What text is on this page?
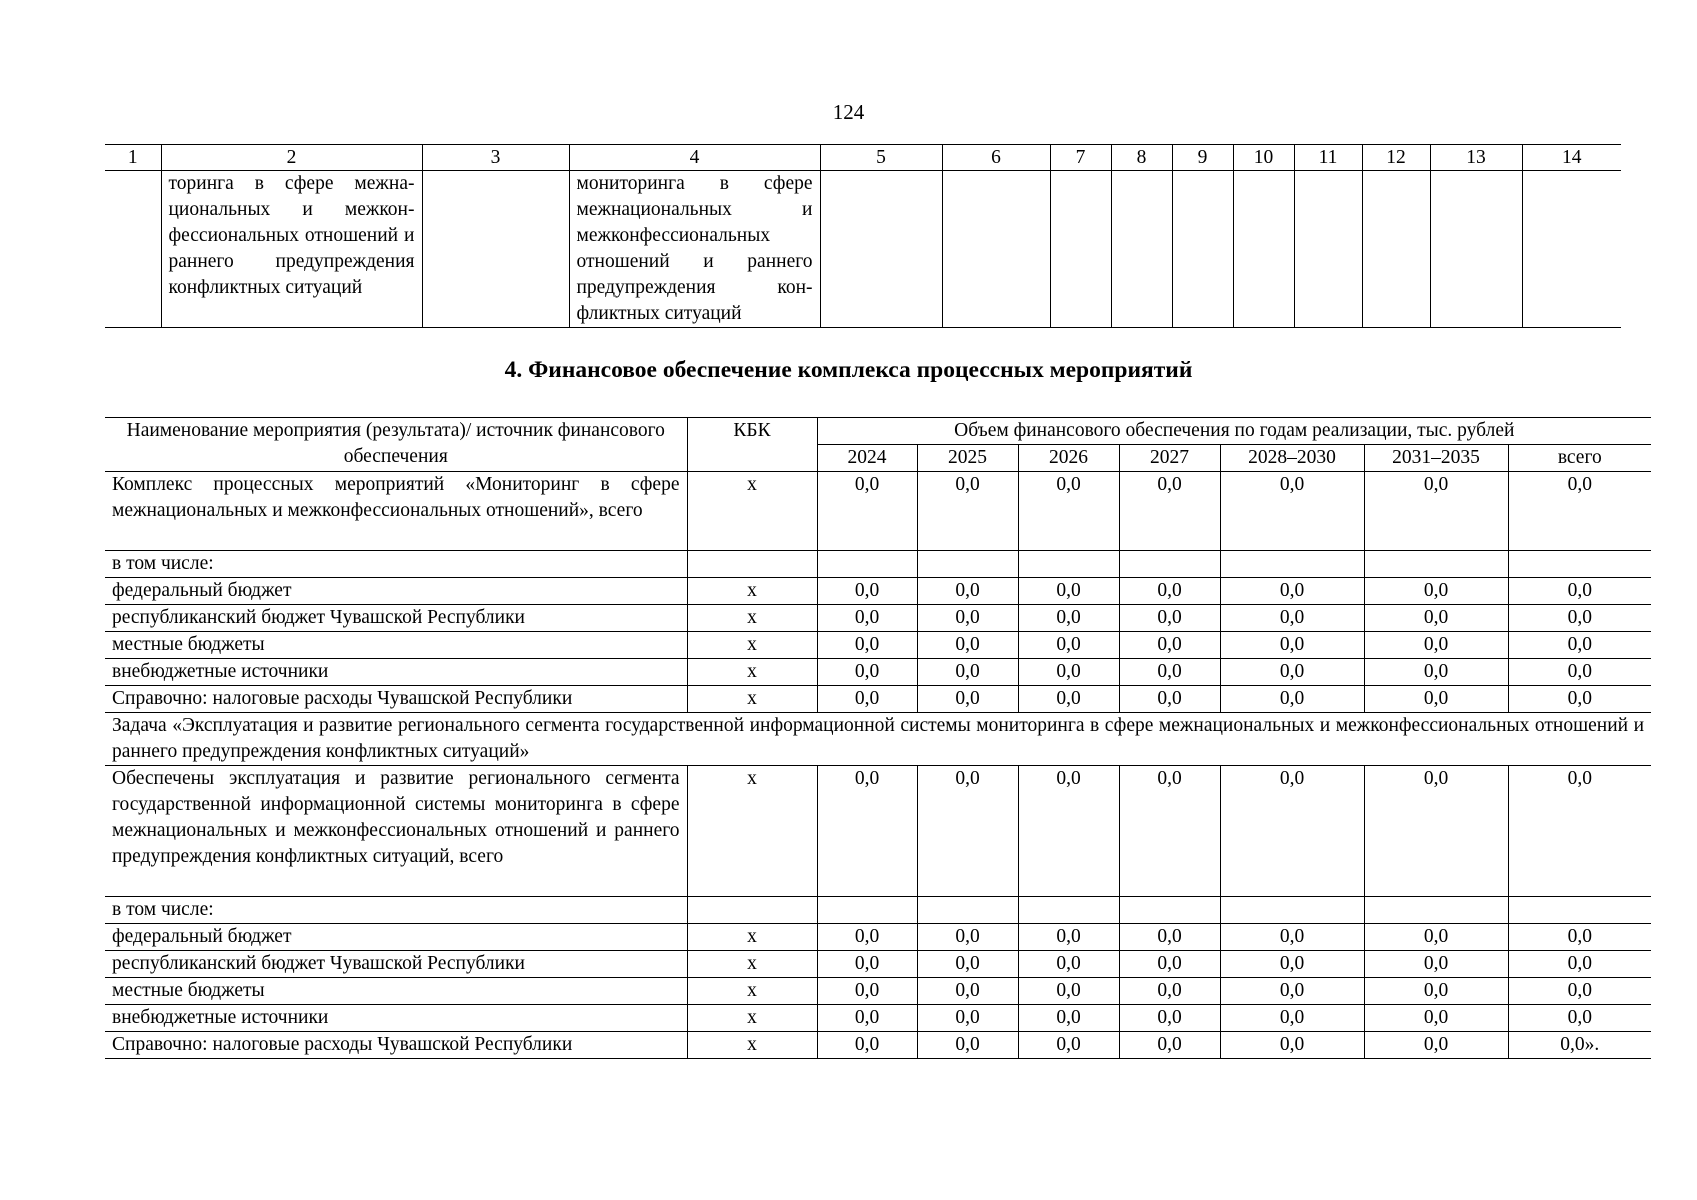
124
1	2	3	4	5	6	7	8	9	10	11	12	13	14
	торинга в сфере межнациональных и межконфессиональных отношений и раннего предупреждения конфликтных ситуаций		мониторинга в сфере межнациональных и межконфессиональных отношений и раннего предупреждения конфликтных ситуаций										
4. Финансовое обеспечение комплекса процессных мероприятий
Наименование мероприятия (результата)/ источник финансового обеспечения	КБК	Объем финансового обеспечения по годам реализации, тыс. рублей						
		2024	2025	2026	2027	2028–2030	2031–2035	всего
Комплекс процессных мероприятий «Мониторинг в сфере межнациональных и межконфессиональных отношений», всего	x	0,0	0,0	0,0	0,0	0,0	0,0	0,0
в том числе:								
федеральный бюджет	x	0,0	0,0	0,0	0,0	0,0	0,0	0,0
республиканский бюджет Чувашской Республики	x	0,0	0,0	0,0	0,0	0,0	0,0	0,0
местные бюджеты	x	0,0	0,0	0,0	0,0	0,0	0,0	0,0
внебюджетные источники	x	0,0	0,0	0,0	0,0	0,0	0,0	0,0
Справочно: налоговые расходы Чувашской Республики	x	0,0	0,0	0,0	0,0	0,0	0,0	0,0
Задача «Эксплуатация и развитие регионального сегмента государственной информационной системы мониторинга в сфере межнациональных и межконфессиональных отношений и раннего предупреждения конфликтных ситуаций»								
Обеспечены эксплуатация и развитие регионального сегмента государственной информационной системы мониторинга в сфере межнациональных и межконфессиональных отношений и раннего предупреждения конфликтных ситуаций, всего	x	0,0	0,0	0,0	0,0	0,0	0,0	0,0
в том числе:								
федеральный бюджет	x	0,0	0,0	0,0	0,0	0,0	0,0	0,0
республиканский бюджет Чувашской Республики	x	0,0	0,0	0,0	0,0	0,0	0,0	0,0
местные бюджеты	x	0,0	0,0	0,0	0,0	0,0	0,0	0,0
внебюджетные источники	x	0,0	0,0	0,0	0,0	0,0	0,0	0,0
Справочно: налоговые расходы Чувашской Республики	x	0,0	0,0	0,0	0,0	0,0	0,0	0,0».
